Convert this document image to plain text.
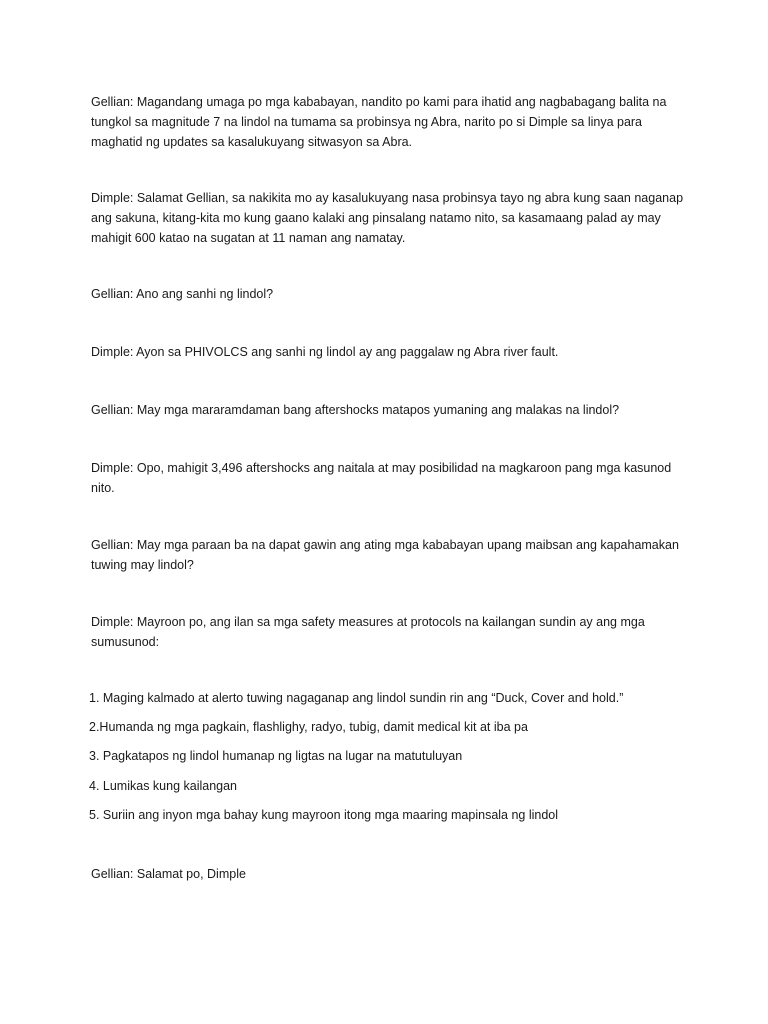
Gellian: Magandang umaga po mga kababayan, nandito po kami para ihatid ang nagbabagang balita na tungkol sa magnitude 7 na lindol na tumama sa probinsya ng Abra, narito po si Dimple sa linya para maghatid ng updates sa kasalukuyang sitwasyon sa Abra.

Dimple: Salamat Gellian, sa nakikita mo ay kasalukuyang nasa probinsya tayo ng abra kung saan naganap ang sakuna, kitang-kita mo kung gaano kalaki ang pinsalang natamo nito, sa kasamaang palad ay may mahigit 600 katao na sugatan at 11 naman ang namatay.

Gellian: Ano ang sanhi ng lindol?

Dimple: Ayon sa PHIVOLCS ang sanhi ng lindol ay ang paggalaw ng Abra river fault.

Gellian: May mga mararamdaman bang aftershocks matapos yumaning ang malakas na lindol?

Dimple: Opo, mahigit 3,496 aftershocks ang naitala at may posibilidad na magkaroon pang mga kasunod nito.

Gellian: May mga paraan ba na dapat gawin ang ating mga kababayan upang maibsan ang kapahamakan tuwing may lindol?

Dimple: Mayroon po, ang ilan sa mga safety measures at protocols na kailangan sundin ay ang mga sumusunod:

1. Maging kalmado at alerto tuwing nagaganap ang lindol sundin rin ang “Duck, Cover and hold.”

2.Humanda ng mga pagkain, flashlighy, radyo, tubig, damit medical kit at iba pa

3. Pagkatapos ng lindol humanap ng ligtas na lugar na matutuluyan

4. Lumikas kung kailangan

5. Suriin ang inyon mga bahay kung mayroon itong mga maaring mapinsala ng lindol

Gellian: Salamat po, Dimple
